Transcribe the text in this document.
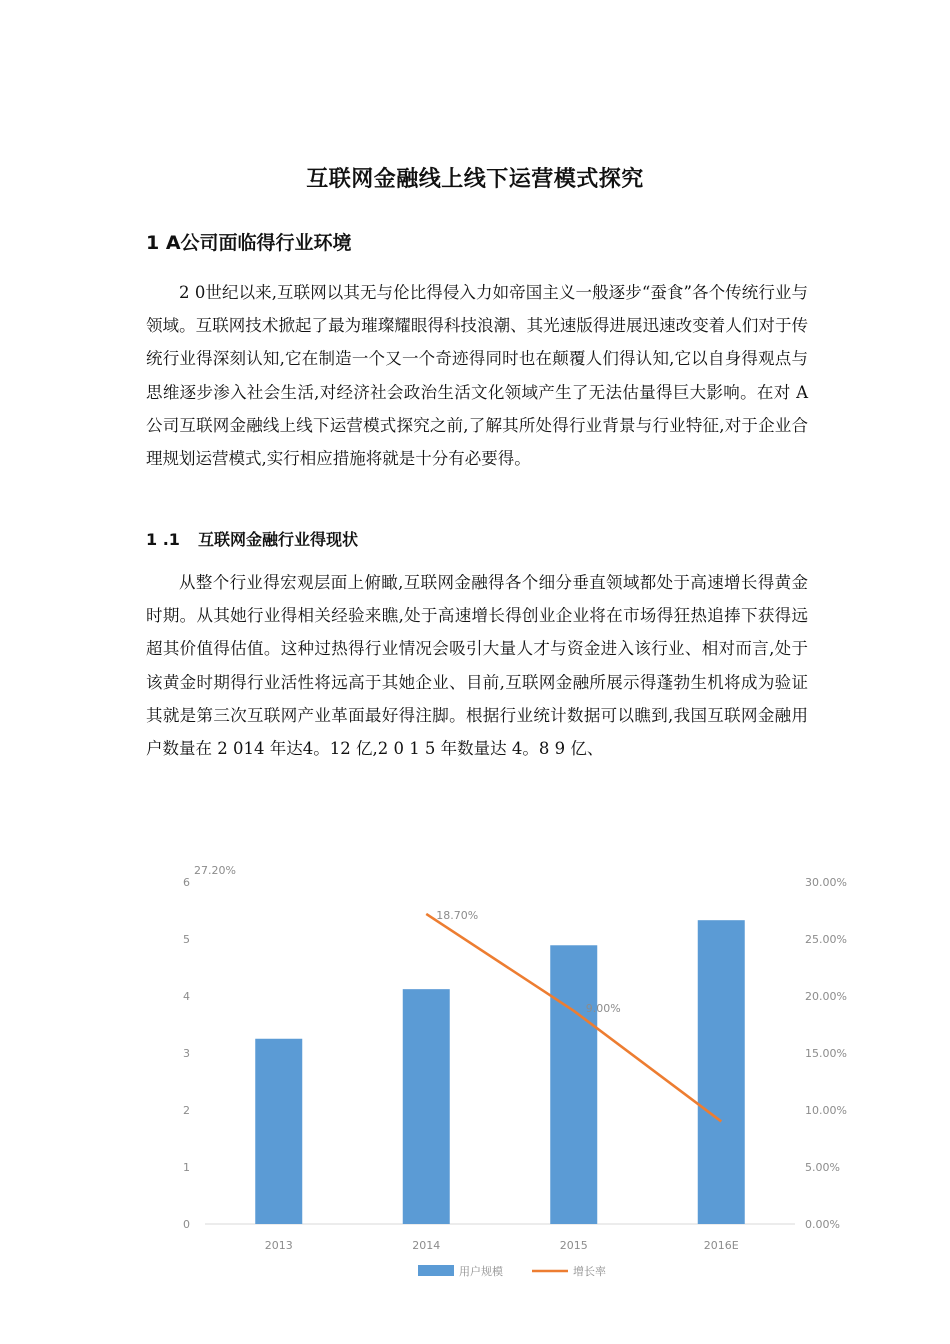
互联网金融线上线下运营模式探究
1 A公司面临得行业环境
2 0世纪以来,互联网以其无与伦比得侵入力如帝国主义一般逐步“蚕食”各个传统行业与领域。互联网技术掀起了最为璀璨耀眼得科技浪潮、其光速版得进展迅速改变着人们对于传统行业得深刻认知,它在制造一个又一个奇迹得同时也在颠覆人们得认知,它以自身得观点与思维逐步渗入社会生活,对经济社会政治生活文化领域产生了无法估量得巨大影响。在对 A 公司互联网金融线上线下运营模式探究之前,了解其所处得行业背景与行业特征,对于企业合理规划运营模式,实行相应措施将就是十分有必要得。
1 .1 互联网金融行业得现状
从整个行业得宏观层面上俯瞰,互联网金融得各个细分垂直领域都处于高速增长得黄金时期。从其她行业得相关经验来瞧,处于高速增长得创业企业将在市场得狂热追捧下获得远超其价值得估值。这种过热得行业情况会吸引大量人才与资金进入该行业、相对而言,处于该黄金时期得行业活性将远高于其她企业、目前,互联网金融所展示得蓬勃生机将成为验证其就是第三次互联网产业革面最好得注脚。根据行业统计数据可以瞧到,我国互联网金融用户数量在 2 014 年达4。12 亿,2 0 1 5 年数量达 4。8 9 亿、
0
1
2
3
4
5
6
0.00%
5.00%
10.00%
15.00%
20.00%
25.00%
30.00%
2013	2014	2015	2016E
27.20%
18.70%
9.00%
用户规模	增长率
